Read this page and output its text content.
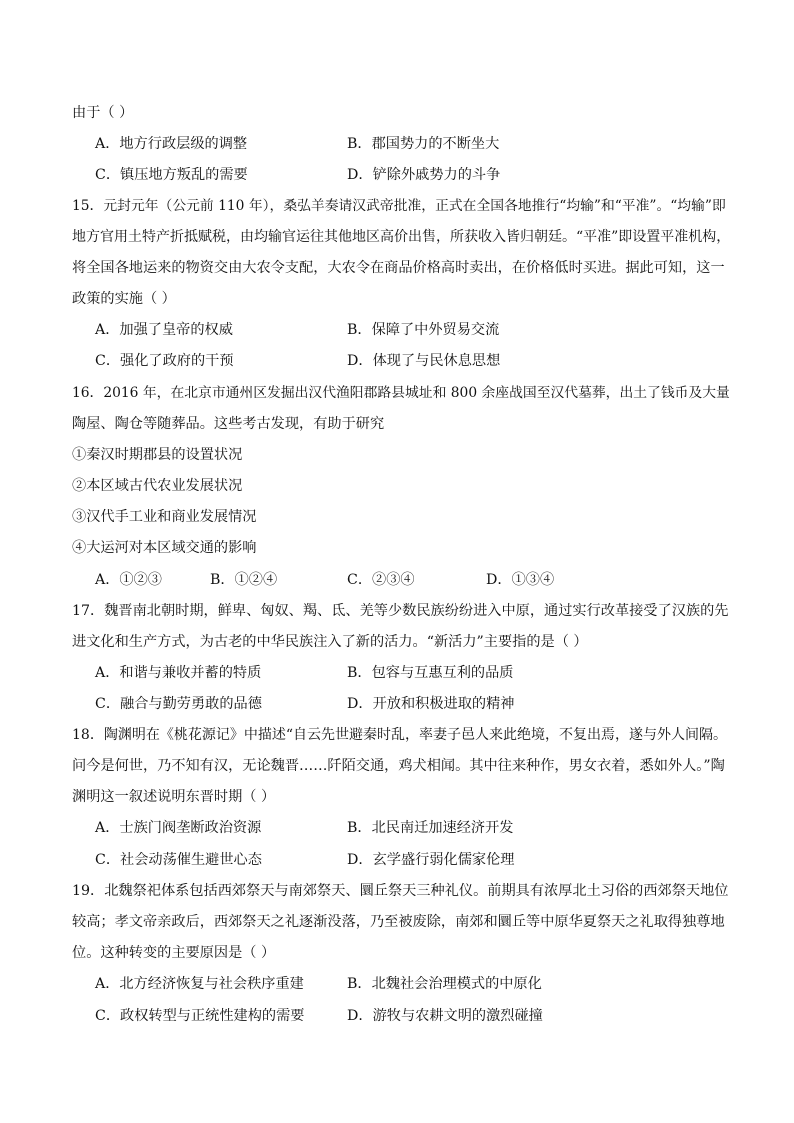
由于（ ）
A．地方行政层级的调整	B．郡国势力的不断坐大
C．镇压地方叛乱的需要	D．铲除外戚势力的斗争
15．元封元年（公元前 110 年），桑弘羊奏请汉武帝批准，正式在全国各地推行“均输”和“平准”。“均输”即
地方官用土特产折抵赋税，由均输官运往其他地区高价出售，所获收入皆归朝廷。“平准”即设置平准机构，
将全国各地运来的物资交由大农令支配，大农令在商品价格高时卖出，在价格低时买进。据此可知，这一
政策的实施（ ）
A．加强了皇帝的权威	B．保障了中外贸易交流
C．强化了政府的干预	D．体现了与民休息思想
16．2016 年，在北京市通州区发掘出汉代渔阳郡路县城址和 800 余座战国至汉代墓葬，出土了钱币及大量
陶屋、陶仓等随葬品。这些考古发现，有助于研究
①秦汉时期郡县的设置状况
②本区域古代农业发展状况
③汉代手工业和商业发展情况
④大运河对本区域交通的影响
A．①②③	B．①②④	C．②③④	D．①③④
17．魏晋南北朝时期，鲜卑、匈奴、羯、氐、羌等少数民族纷纷进入中原，通过实行改革接受了汉族的先
进文化和生产方式，为古老的中华民族注入了新的活力。“新活力”主要指的是（ ）
A．和谐与兼收并蓄的特质	B．包容与互惠互利的品质
C．融合与勤劳勇敢的品德	D．开放和积极进取的精神
18．陶渊明在《桃花源记》中描述“自云先世避秦时乱，率妻子邑人来此绝境，不复出焉，遂与外人间隔。
问今是何世，乃不知有汉，无论魏晋……阡陌交通，鸡犬相闻。其中往来种作，男女衣着，悉如外人。”陶
渊明这一叙述说明东晋时期（ ）
A．士族门阀垄断政治资源	B．北民南迁加速经济开发
C．社会动荡催生避世心态	D．玄学盛行弱化儒家伦理
19．北魏祭祀体系包括西郊祭天与南郊祭天、圜丘祭天三种礼仪。前期具有浓厚北土习俗的西郊祭天地位
较高；孝文帝亲政后，西郊祭天之礼逐渐没落，乃至被废除，南郊和圜丘等中原华夏祭天之礼取得独尊地
位。这种转变的主要原因是（ ）
A．北方经济恢复与社会秩序重建	B．北魏社会治理模式的中原化
C．政权转型与正统性建构的需要	D．游牧与农耕文明的激烈碰撞
